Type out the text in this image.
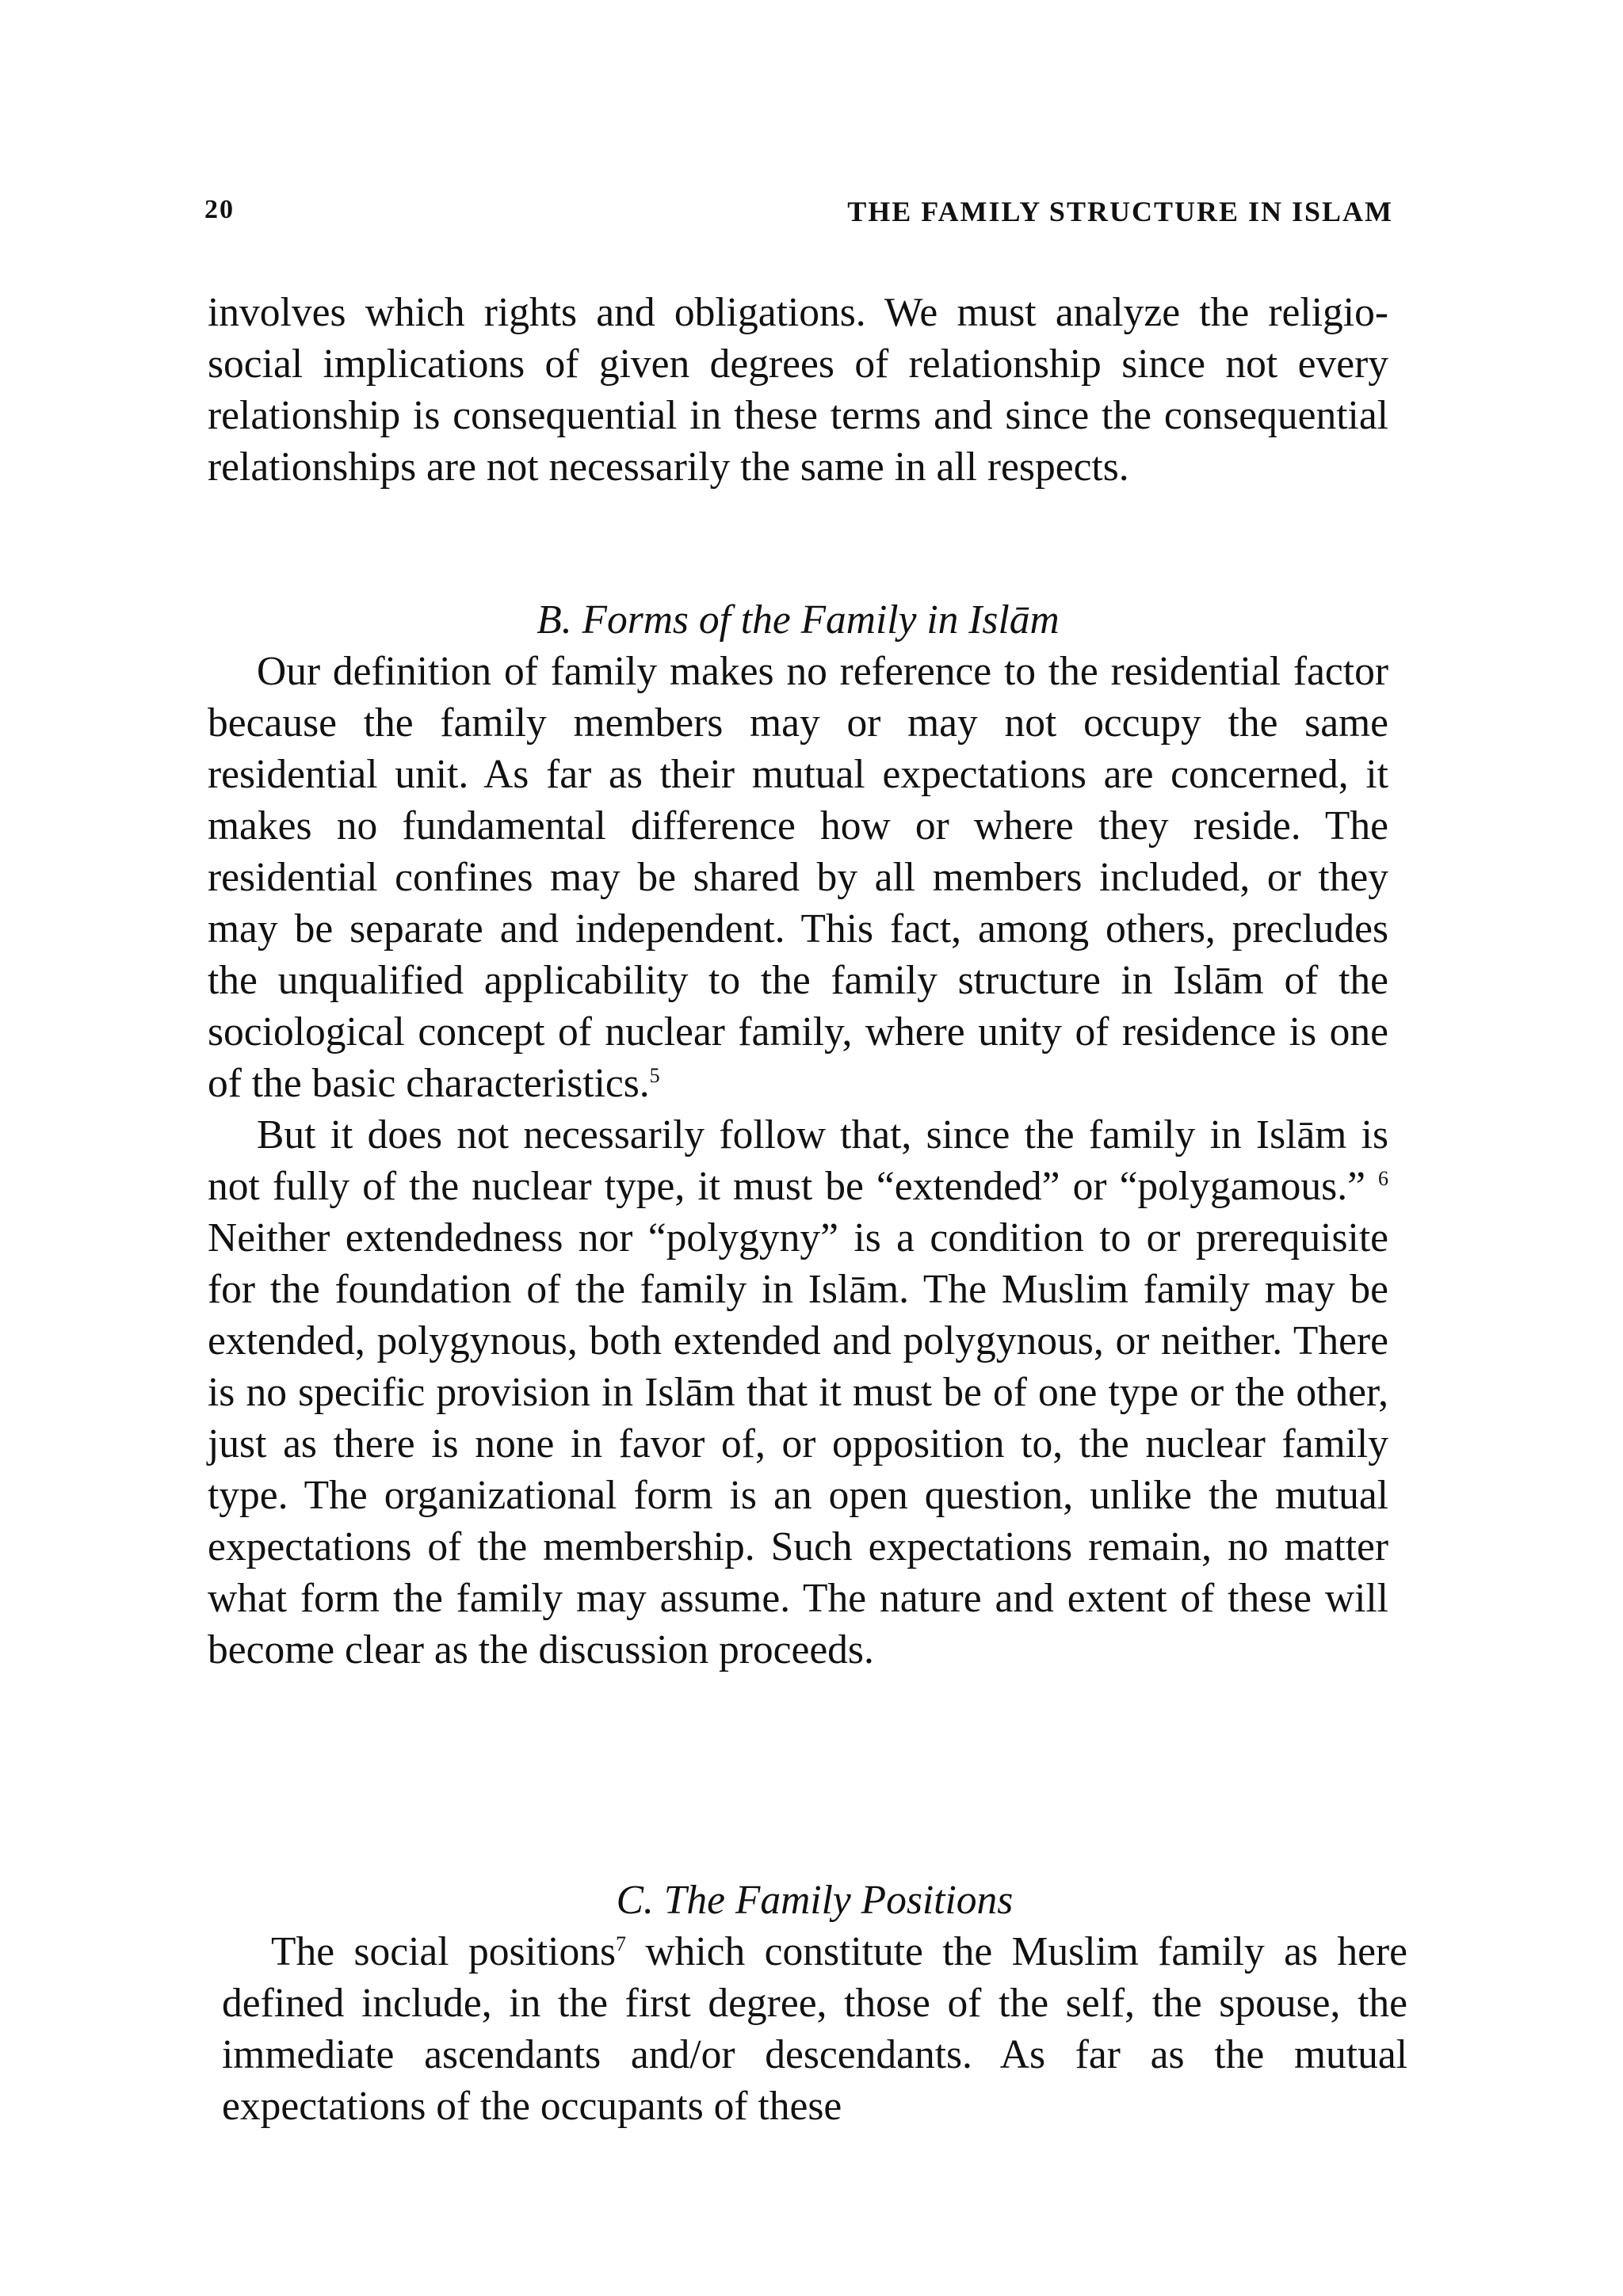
20	THE FAMILY STRUCTURE IN ISLAM

involves which rights and obligations. We must analyze the religio-social implications of given degrees of relationship since not every relationship is consequential in these terms and since the consequential relationships are not necessarily the same in all respects.

B. Forms of the Family in Islām

Our definition of family makes no reference to the residential factor because the family members may or may not occupy the same residential unit. As far as their mutual expectations are concerned, it makes no fundamental difference how or where they reside. The residential confines may be shared by all members included, or they may be separate and independent. This fact, among others, precludes the unqualified applicability to the family structure in Islām of the sociological concept of nuclear family, where unity of residence is one of the basic characteristics.$^5$

But it does not necessarily follow that, since the family in Islām is not fully of the nuclear type, it must be “extended” or “polygamous.” $^6$ Neither extendedness nor “polygyny” is a condition to or prerequisite for the foundation of the family in Islām. The Muslim family may be extended, polygynous, both extended and polygynous, or neither. There is no specific provision in Islām that it must be of one type or the other, just as there is none in favor of, or opposition to, the nuclear family type. The organizational form is an open question, unlike the mutual expectations of the membership. Such expectations remain, no matter what form the family may assume. The nature and extent of these will become clear as the discussion proceeds.

C. The Family Positions

The social positions$^7$ which constitute the Muslim family as here defined include, in the first degree, those of the self, the spouse, the immediate ascendants and/or descendants. As far as the mutual expectations of the occupants of these
